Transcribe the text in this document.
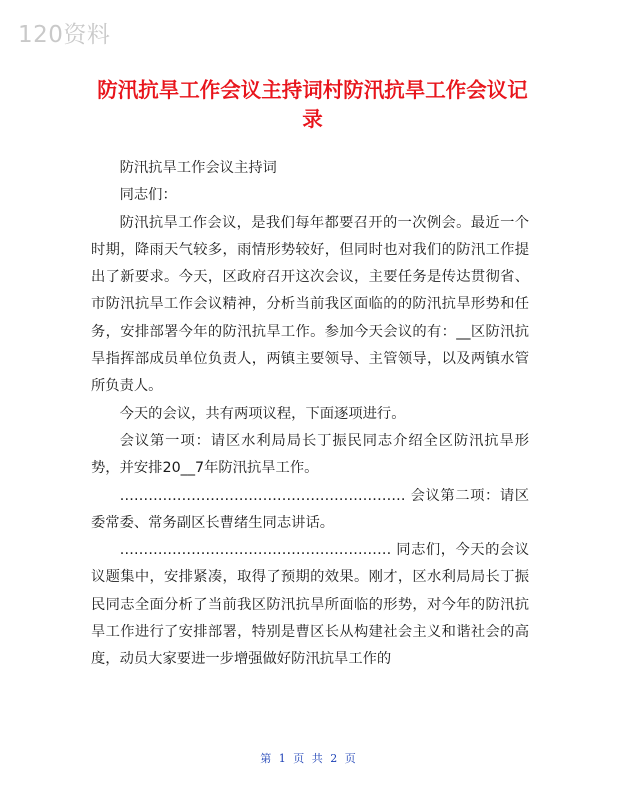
120资料
防汛抗旱工作会议主持词村防汛抗旱工作会议记录

防汛抗旱工作会议主持词

同志们：

防汛抗旱工作会议，是我们每年都要召开的一次例会。最近一个时期，降雨天气较多，雨情形势较好，但同时也对我们的防汛工作提出了新要求。今天，区政府召开这次会议，主要任务是传达贯彻省、市防汛抗旱工作会议精神，分析当前我区面临的的防汛抗旱形势和任务，安排部署今年的防汛抗旱工作。参加今天会议的有：__区防汛抗旱指挥部成员单位负责人，两镇主要领导、主管领导，以及两镇水管所负责人。

今天的会议，共有两项议程，下面逐项进行。

会议第一项：请区水利局局长丁振民同志介绍全区防汛抗旱形势，并安排20__7年防汛抗旱工作。

…………………………………………………… 会议第二项：请区委常委、常务副区长曹绪生同志讲话。

………………………………………………… 同志们，今天的会议议题集中，安排紧凑，取得了预期的效果。刚才，区水利局局长丁振民同志全面分析了当前我区防汛抗旱所面临的形势，对今年的防汛抗旱工作进行了安排部署，特别是曹区长从构建社会主义和谐社会的高度，动员大家要进一步增强做好防汛抗旱工作的

第 1 页 共 2 页
